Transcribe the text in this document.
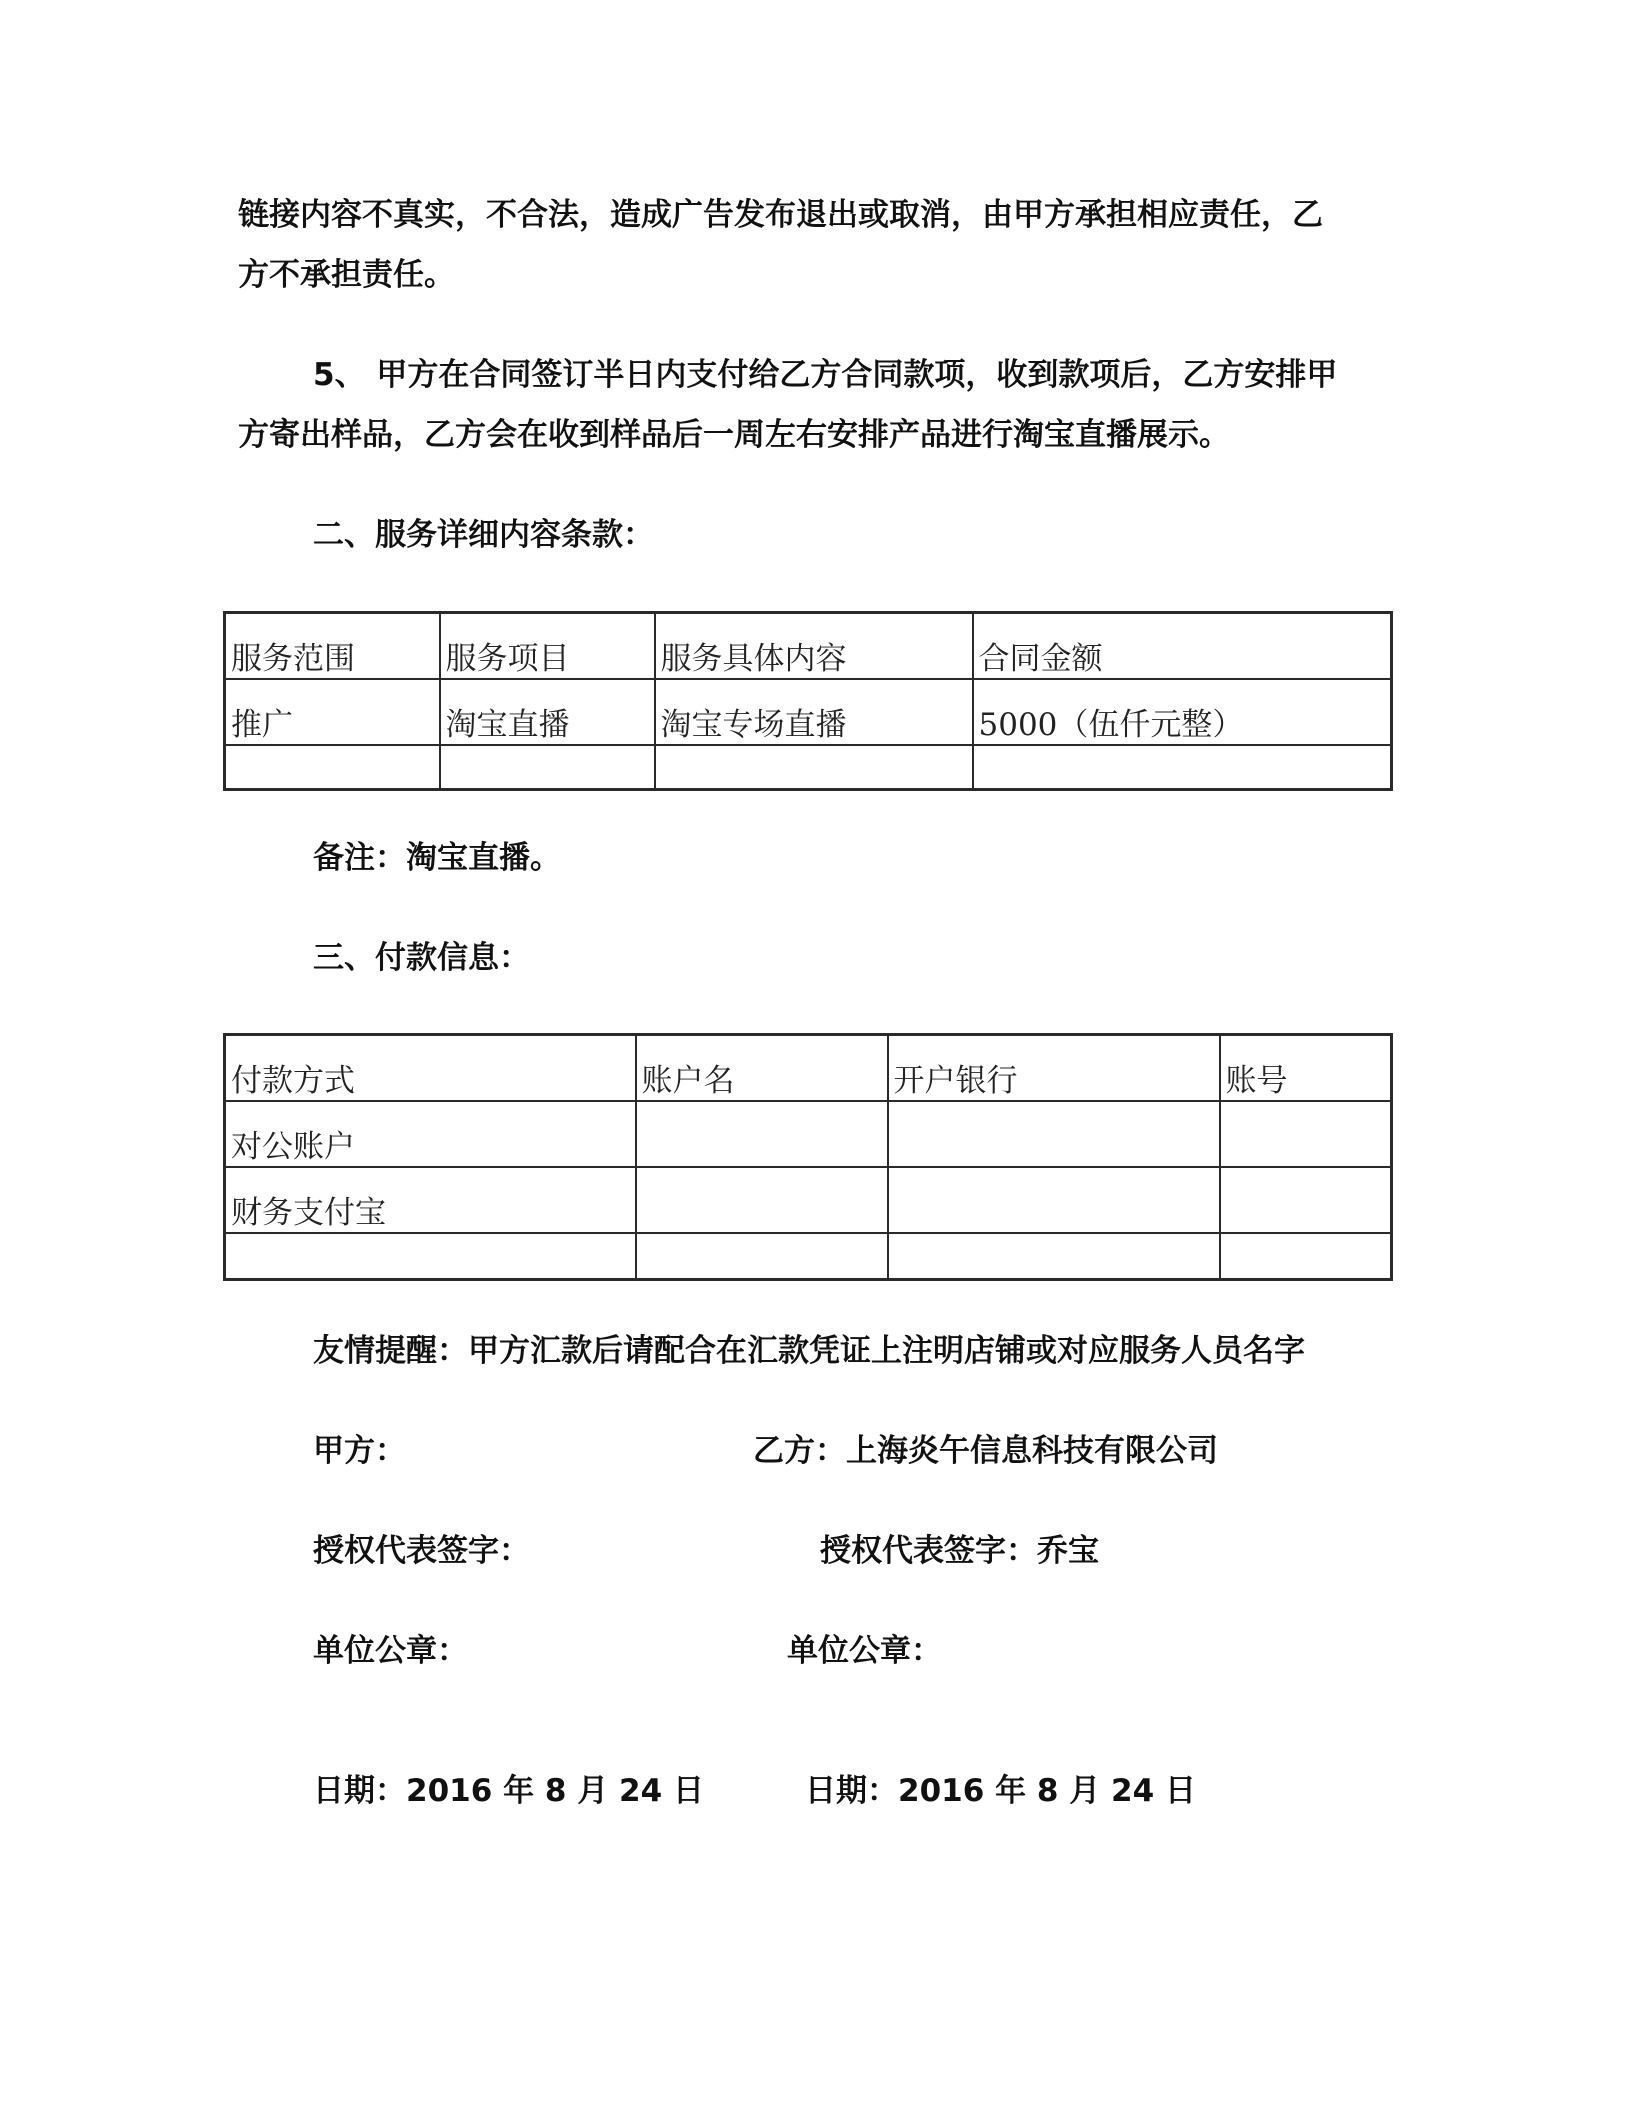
链接内容不真实，不合法，造成广告发布退出或取消，由甲方承担相应责任，乙
方不承担责任。
5、 甲方在合同签订半日内支付给乙方合同款项，收到款项后，乙方安排甲
方寄出样品，乙方会在收到样品后一周左右安排产品进行淘宝直播展示。
二、服务详细内容条款：
服务范围	服务项目	服务具体内容	合同金额
推广	淘宝直播	淘宝专场直播	5000（伍仟元整）

备注：淘宝直播。
三、付款信息：
付款方式	账户名	开户银行	账号
对公账户			
财务支付宝			

友情提醒：甲方汇款后请配合在汇款凭证上注明店铺或对应服务人员名字
甲方：	乙方：上海炎午信息科技有限公司
授权代表签字：	授权代表签字：乔宝
单位公章：	单位公章：
日期：2016 年 8 月 24 日	日期：2016 年 8 月 24 日
